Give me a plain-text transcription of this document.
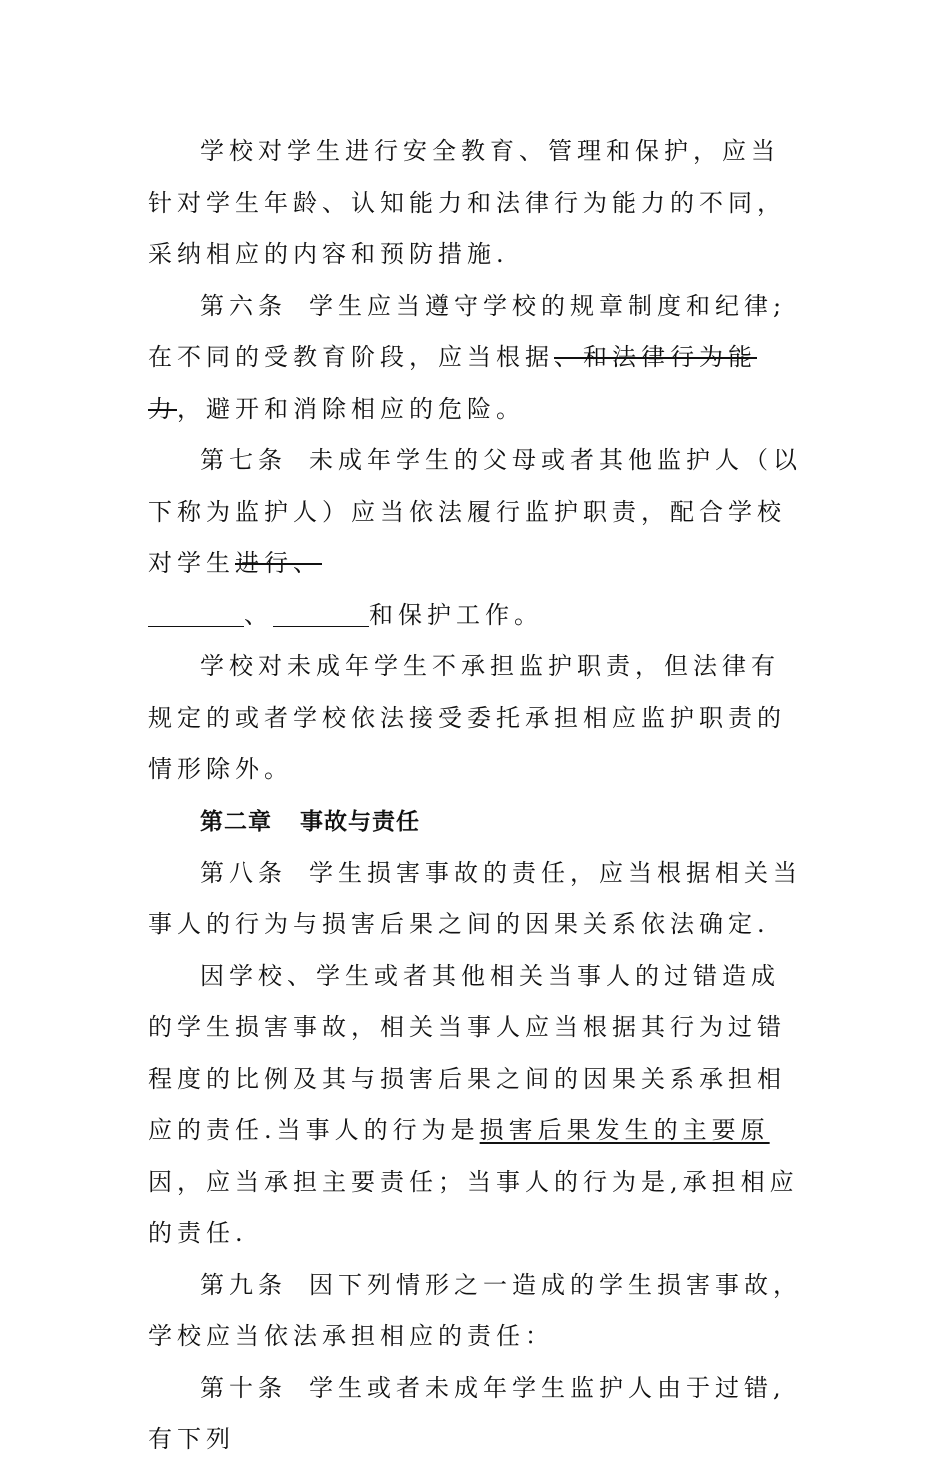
学校对学生进行安全教育、管理和保护，应当针对学生年龄、认知能力和法律行为能力的不同，采纳相应的内容和预防措施.

第六条 学生应当遵守学校的规章制度和纪律;在不同的受教育阶段，应当根据、和法律行为能力，避开和消除相应的危险。

第七条 未成年学生的父母或者其他监护人（以下称为监护人）应当依法履行监护职责，配合学校对学生进行、

、	和保护工作。

学校对未成年学生不承担监护职责，但法律有规定的或者学校依法接受委托承担相应监护职责的情形除外。

第二章 事故与责任

第八条 学生损害事故的责任，应当根据相关当事人的行为与损害后果之间的因果关系依法确定.

因学校、学生或者其他相关当事人的过错造成的学生损害事故，相关当事人应当根据其行为过错程度的比例及其与损害后果之间的因果关系承担相应的责任.当事人的行为是损害后果发生的主要原因，应当承担主要责任；当事人的行为是,承担相应的责任.

第九条 因下列情形之一造成的学生损害事故，学校应当依法承担相应的责任：

第十条 学生或者未成年学生监护人由于过错,有下列
